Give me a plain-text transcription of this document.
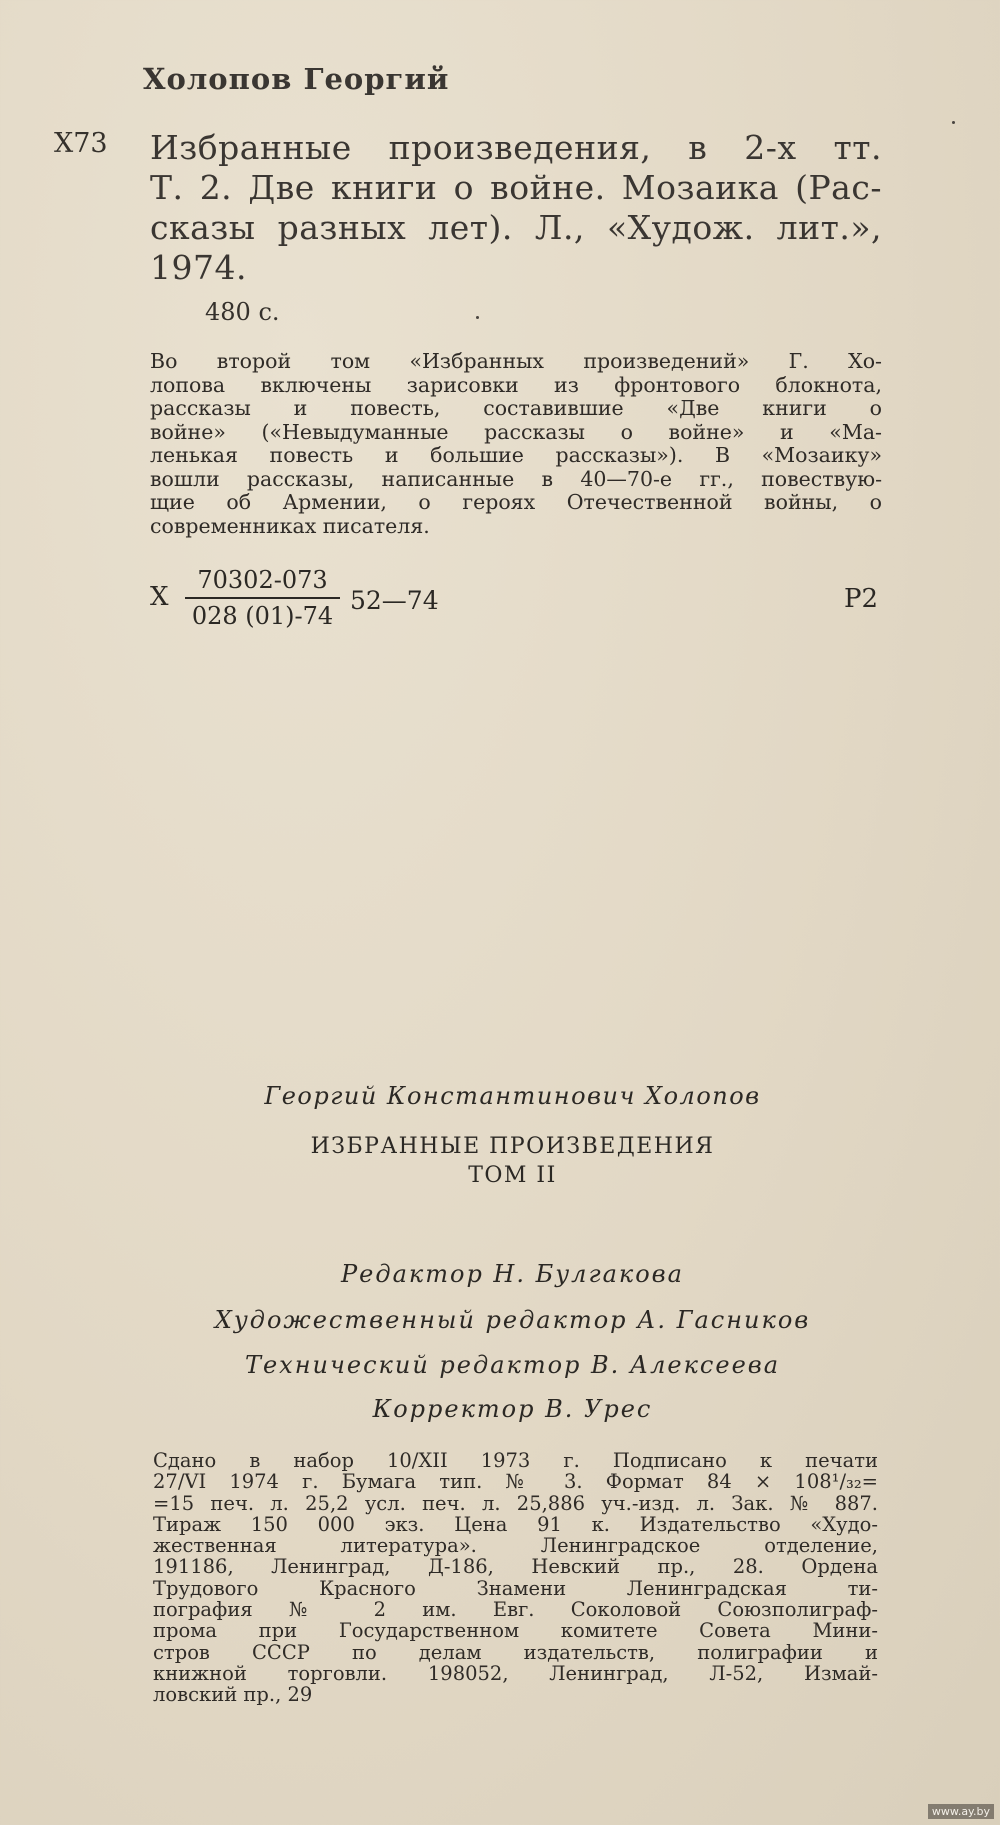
Холопов Георгий
Х73 Избранные произведения, в 2-х тт.
Т. 2. Две книги о войне. Мозаика (Рас-
сказы разных лет). Л., «Худож. лит.»,
1974.
480 с.
Во второй том «Избранных произведений» Г. Хо-
лопова включены зарисовки из фронтового блокнота,
рассказы и повесть, составившие «Две книги о
войне» («Невыдуманные рассказы о войне» и «Ма-
ленькая повесть и большие рассказы»). В «Мозаику»
вошли рассказы, написанные в 40—70-е гг., повествую-
щие об Армении, о героях Отечественной войны, о
современниках писателя.
Х $\frac{70302-073}{028 (01)-74}$ 52—74	Р2
Георгий Константинович Холопов
ИЗБРАННЫЕ ПРОИЗВЕДЕНИЯ
ТОМ II
Редактор Н. Булгакова
Художественный редактор А. Гасников
Технический редактор В. Алексеева
Корректор В. Урес
Сдано в набор 10/XII 1973 г. Подписано к печати
27/VI 1974 г. Бумага тип. № 3. Формат 84 × 108¹/₃₂=
=15 печ. л. 25,2 усл. печ. л. 25,886 уч.-изд. л. Зак. № 887.
Тираж 150 000 экз. Цена 91 к. Издательство «Худо-
жественная литература». Ленинградское отделение,
191186, Ленинград, Д-186, Невский пр., 28. Ордена
Трудового Красного Знамени Ленинградская ти-
пография № 2 им. Евг. Соколовой Союзполиграф-
прома при Государственном комитете Совета Мини-
стров СССР по делам издательств, полиграфии и
книжной торговли. 198052, Ленинград, Л-52, Измай-
ловский пр., 29
www.ay.by
